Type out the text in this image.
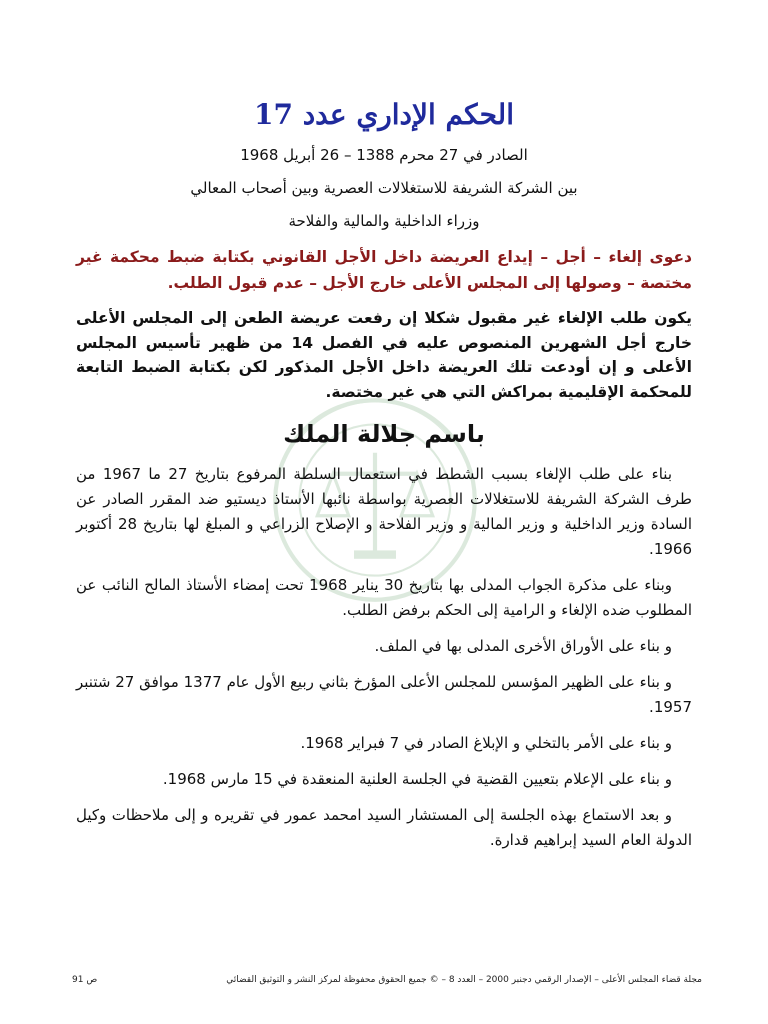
الحكم الإداري عدد 17
الصادر في 27 محرم 1388 – 26 أبريل 1968
بين الشركة الشريفة للاستغلالات العصرية وبين أصحاب المعالي
وزراء الداخلية والمالية والفلاحة
دعوى إلغاء – أجل – إيداع العريضة داخل الأجل القانوني بكتابة ضبط محكمة غير مختصة – وصولها إلى المجلس الأعلى خارج الأجل – عدم قبول الطلب.
يكون طلب الإلغاء غير مقبول شكلا إن رفعت عريضة الطعن إلى المجلس الأعلى خارج أجل الشهرين المنصوص عليه في الفصل 14 من ظهير تأسيس المجلس الأعلى و إن أودعت تلك العريضة داخل الأجل المذكور لكن بكتابة الضبط التابعة للمحكمة الإقليمية بمراكش التي هي غير مختصة.
باسم جلالة الملك
بناء على طلب الإلغاء بسبب الشطط في استعمال السلطة المرفوع بتاريخ 27 ما 1967 من طرف الشركة الشريفة للاستغلالات العصرية بواسطة نائبها الأستاذ ديستيو ضد المقرر الصادر عن السادة وزير الداخلية و وزير المالية و وزير الفلاحة و الإصلاح الزراعي و المبلغ لها بتاريخ 28 أكتوبر 1966.
وبناء على مذكرة الجواب المدلى بها بتاريخ 30 يناير 1968 تحت إمضاء الأستاذ المالح النائب عن المطلوب ضده الإلغاء و الرامية إلى الحكم برفض الطلب.
و بناء على الأوراق الأخرى المدلى بها في الملف.
و بناء على الظهير المؤسس للمجلس الأعلى المؤرخ بثاني ربيع الأول عام 1377 موافق 27 شتنبر 1957.
و بناء على الأمر بالتخلي و الإبلاغ الصادر في 7 فبراير 1968.
و بناء على الإعلام بتعيين القضية في الجلسة العلنية المنعقدة في 15 مارس 1968.
و بعد الاستماع بهذه الجلسة إلى المستشار السيد امحمد عمور في تقريره و إلى ملاحظات وكيل الدولة العام السيد إبراهيم قدارة.
مجلة قضاء المجلس الأعلى – الإصدار الرقمي دجنبر 2000 – العدد 8 – © جميع الحقوق محفوظة لمركز النشر و التوثيق القضائي
ص 91
